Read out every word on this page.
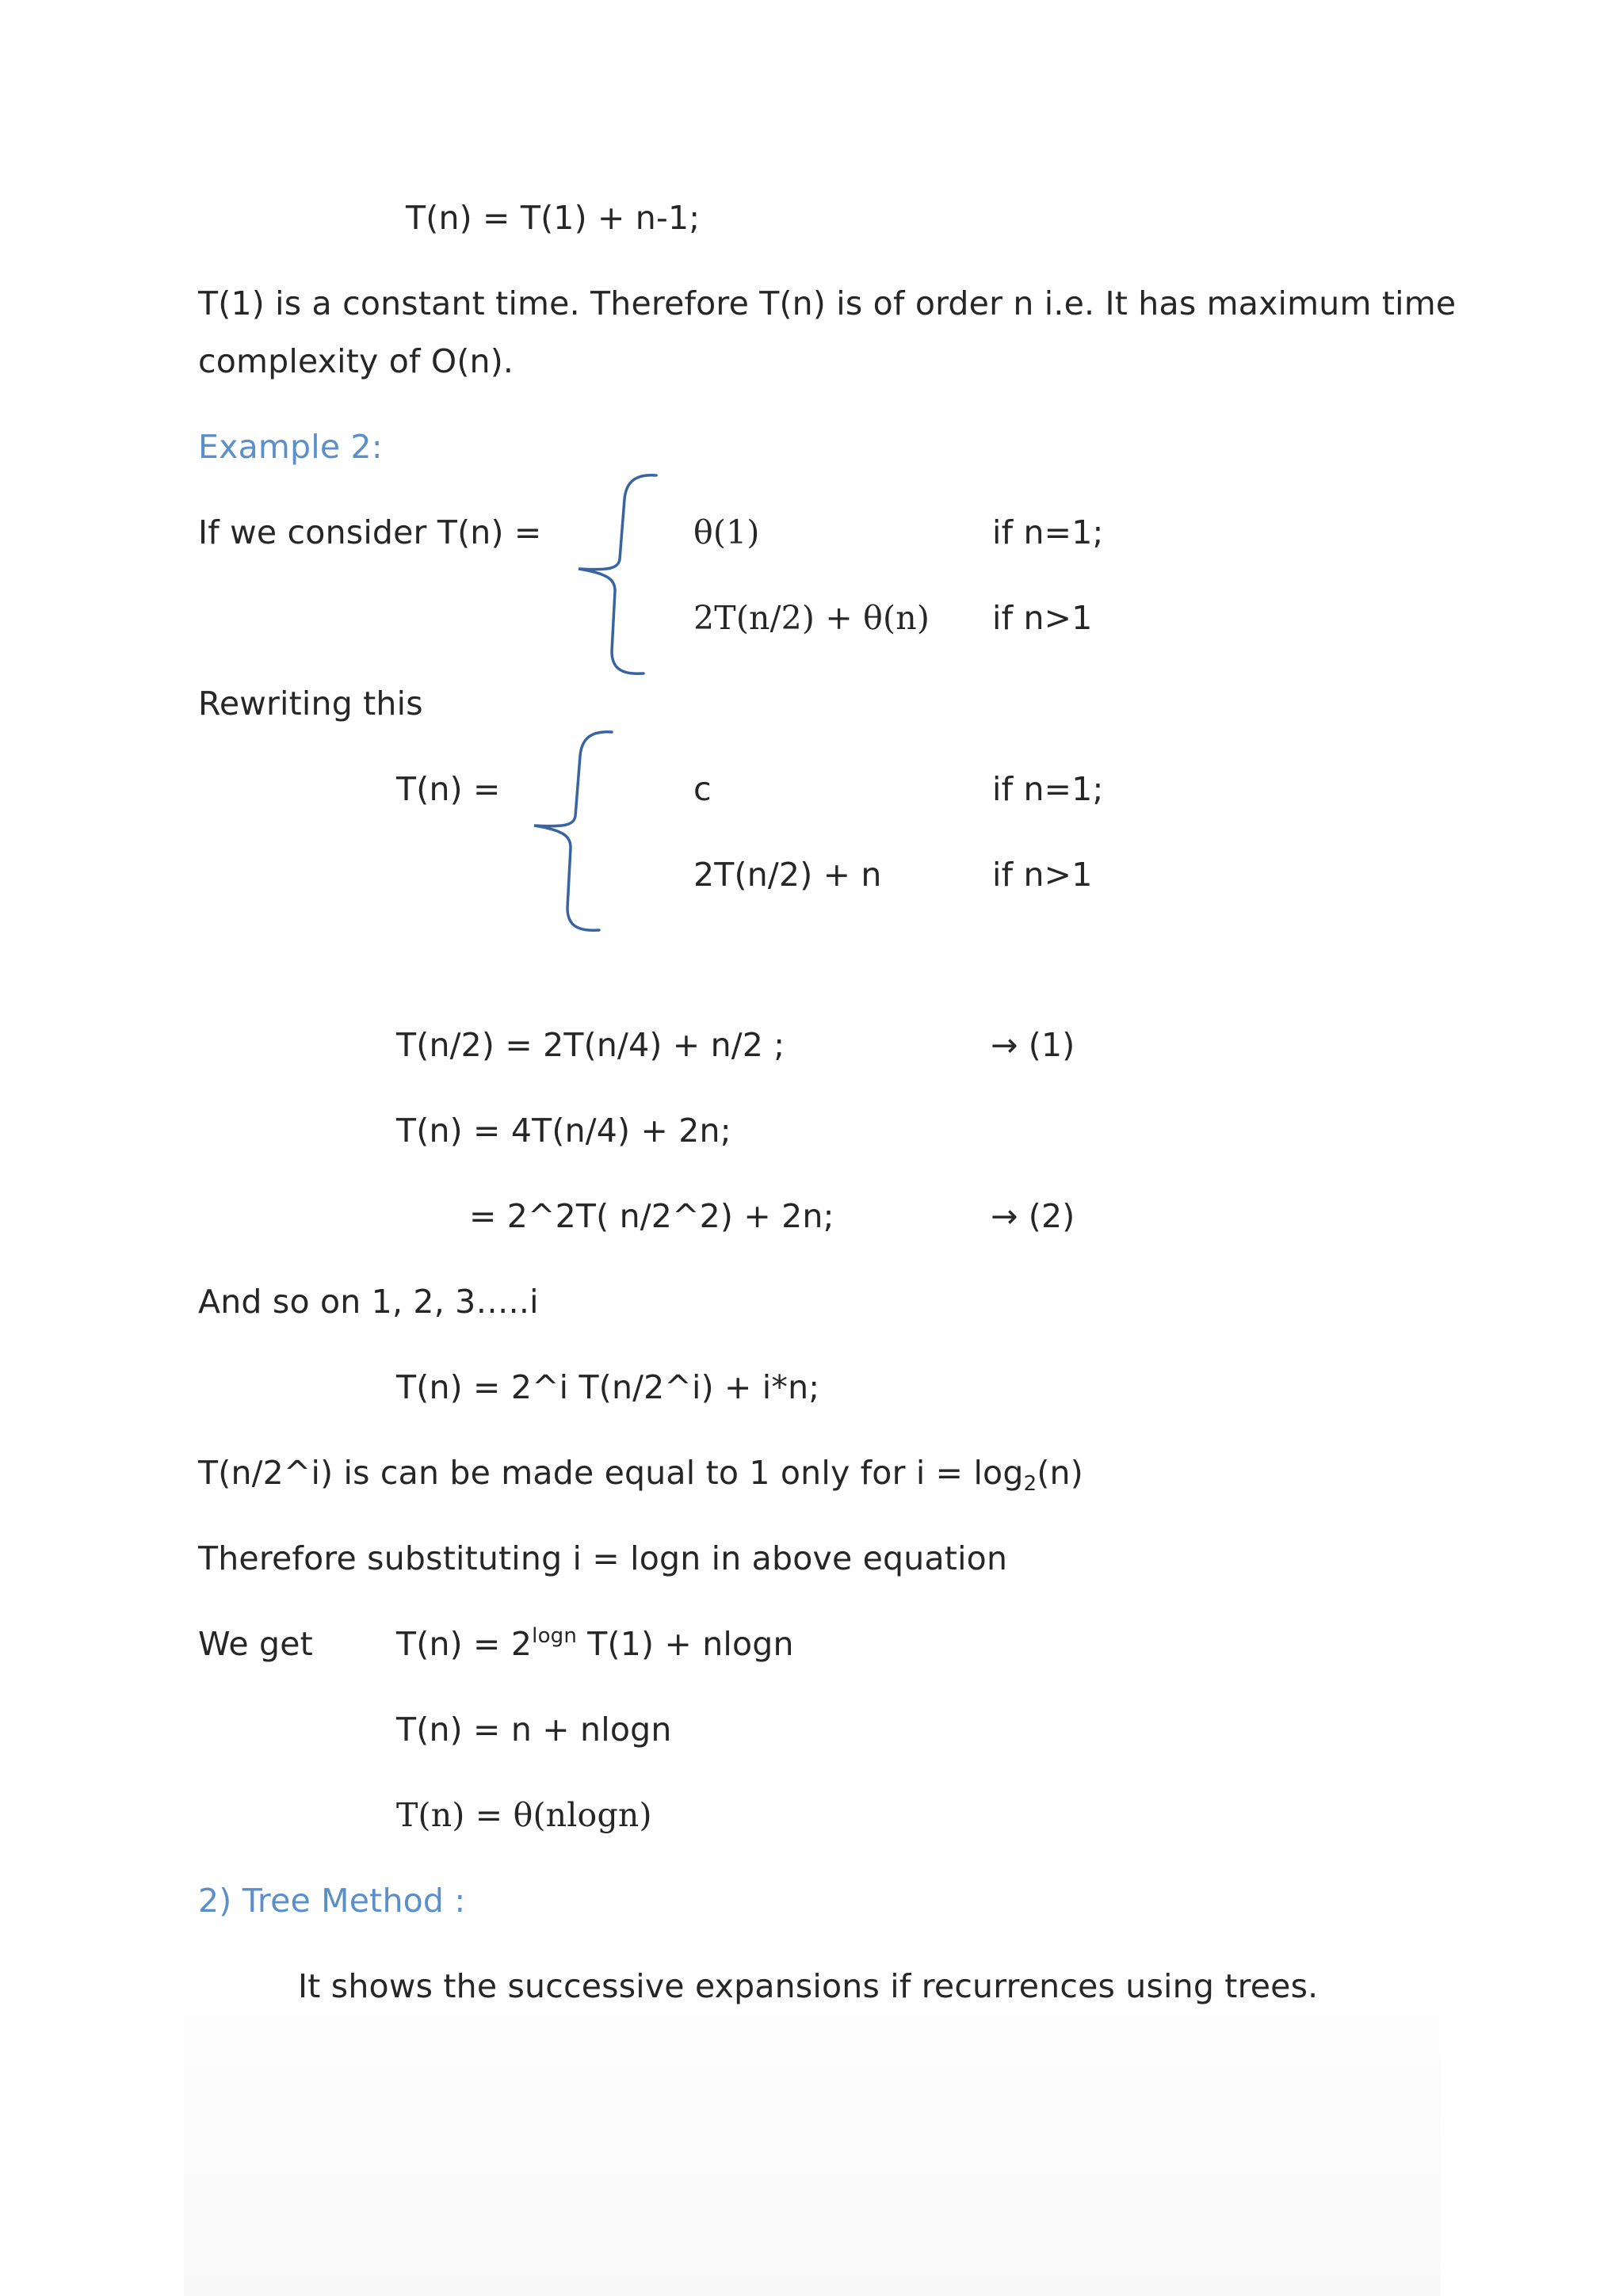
T(n) = T(1) + n-1;
T(1) is a constant time. Therefore T(n) is of order n i.e. It has maximum time
complexity of O(n).
Example 2:
If we consider T(n) =	θ(1)	if n=1;
2T(n/2) + θ(n) if n>1
Rewriting this
T(n) =	c	if n=1;
2T(n/2) + n	if n>1
T(n/2) = 2T(n/4) + n/2 ;	→ (1)
T(n) = 4T(n/4) + 2n;
= 2^2T( n/2^2) + 2n;	→ (2)
And so on 1, 2, 3…..i
T(n) = 2^i T(n/2^i) + i*n;
T(n/2^i) is can be made equal to 1 only for i = log2(n)
Therefore substituting i = logn in above equation
We get	$T(n) = 2^{logn}$ T(1) + nlogn
T(n) = n + nlogn
T(n) = θ(nlogn)
2) Tree Method :
It shows the successive expansions if recurrences using trees.
